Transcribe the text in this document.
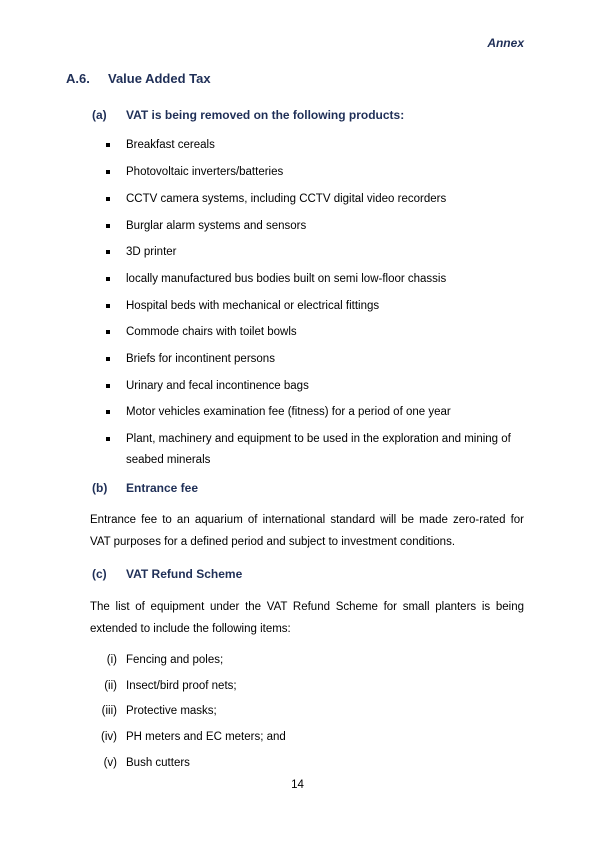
Annex
A.6. Value Added Tax
(a) VAT is being removed on the following products:
Breakfast cereals
Photovoltaic inverters/batteries
CCTV camera systems, including CCTV digital video recorders
Burglar alarm systems and sensors
3D printer
locally manufactured bus bodies built on semi low-floor chassis
Hospital beds with mechanical or electrical fittings
Commode chairs with toilet bowls
Briefs for incontinent persons
Urinary and fecal incontinence bags
Motor vehicles examination fee (fitness) for a period of one year
Plant, machinery and equipment to be used in the exploration and mining of
seabed minerals
(b) Entrance fee
Entrance fee to an aquarium of international standard will be made zero-rated for
VAT purposes for a defined period and subject to investment conditions.
(c) VAT Refund Scheme
The list of equipment under the VAT Refund Scheme for small planters is being
extended to include the following items:
(i) Fencing and poles;
(ii) Insect/bird proof nets;
(iii) Protective masks;
(iv) PH meters and EC meters; and
(v) Bush cutters
14
